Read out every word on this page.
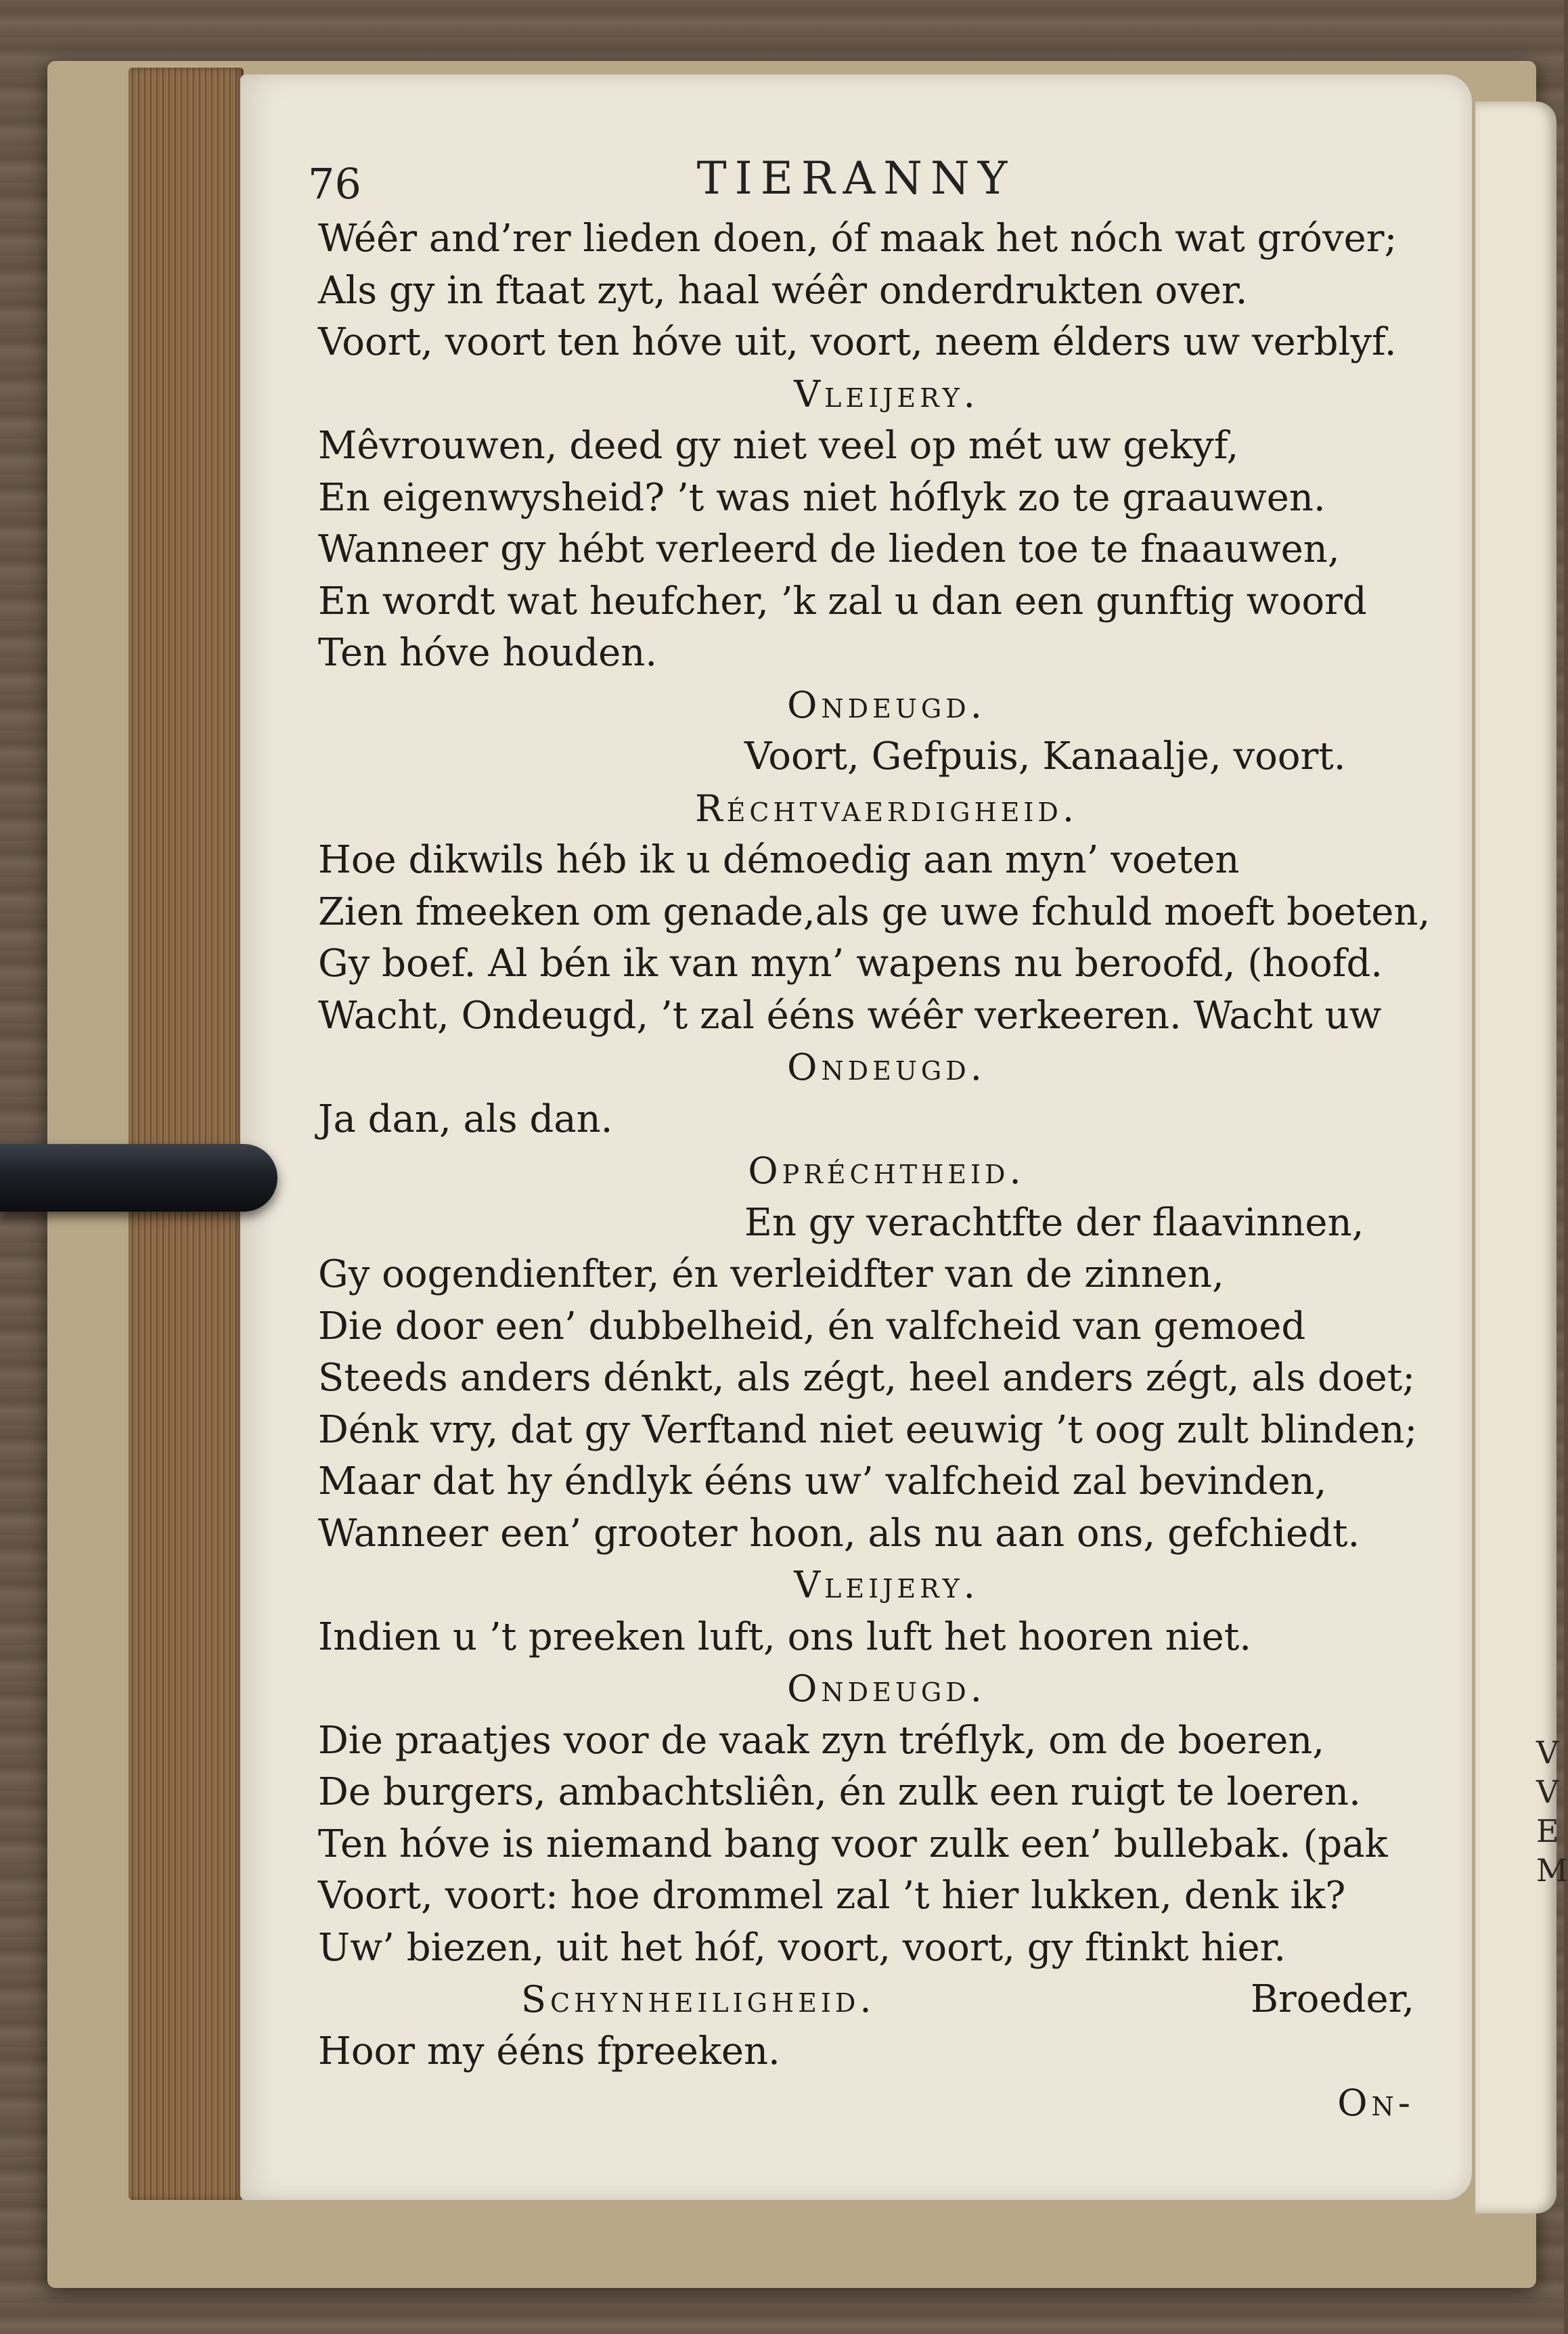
V
V
E
M
TIERANNY
76
Wéêr and’rer lieden doen, óf maak het nóch wat gróver;
Als gy in ftaat zyt, haal wéêr onderdrukten over.
Voort, voort ten hóve uit, voort, neem élders uw verblyf.
Vleijery.
Mêvrouwen, deed gy niet veel op mét uw gekyf,
En eigenwysheid? ’t was niet hóflyk zo te graauwen.
Wanneer gy hébt verleerd de lieden toe te fnaauwen,
En wordt wat heufcher, ’k zal u dan een gunftig woord
Ten hóve houden.
Ondeugd.
Voort, Gefpuis, Kanaalje, voort.
Réchtvaerdigheid.
Hoe dikwils héb ik u démoedig aan myn’ voeten
Zien fmeeken om genade,als ge uwe fchuld moeft boeten,
Gy boef. Al bén ik van myn’ wapens nu beroofd, (hoofd.
Wacht, Ondeugd, ’t zal ééns wéêr verkeeren. Wacht uw
Ondeugd.
Ja dan, als dan.
Opréchtheid.
En gy verachtfte der flaavinnen,
Gy oogendienfter, én verleidfter van de zinnen,
Die door een’ dubbelheid, én valfcheid van gemoed
Steeds anders dénkt, als zégt, heel anders zégt, als doet;
Dénk vry, dat gy Verftand niet eeuwig ’t oog zult blinden;
Maar dat hy éndlyk ééns uw’ valfcheid zal bevinden,
Wanneer een’ grooter hoon, als nu aan ons, gefchiedt.
Vleijery.
Indien u ’t preeken luft, ons luft het hooren niet.
Ondeugd.
Die praatjes voor de vaak zyn tréflyk, om de boeren,
De burgers, ambachtsliên, én zulk een ruigt te loeren.
Ten hóve is niemand bang voor zulk een’ bullebak. (pak
Voort, voort: hoe drommel zal ’t hier lukken, denk ik?
Uw’ biezen, uit het hóf, voort, voort, gy ftinkt hier.
Schynheiligheid.	Broeder,
Hoor my ééns fpreeken.
On-
